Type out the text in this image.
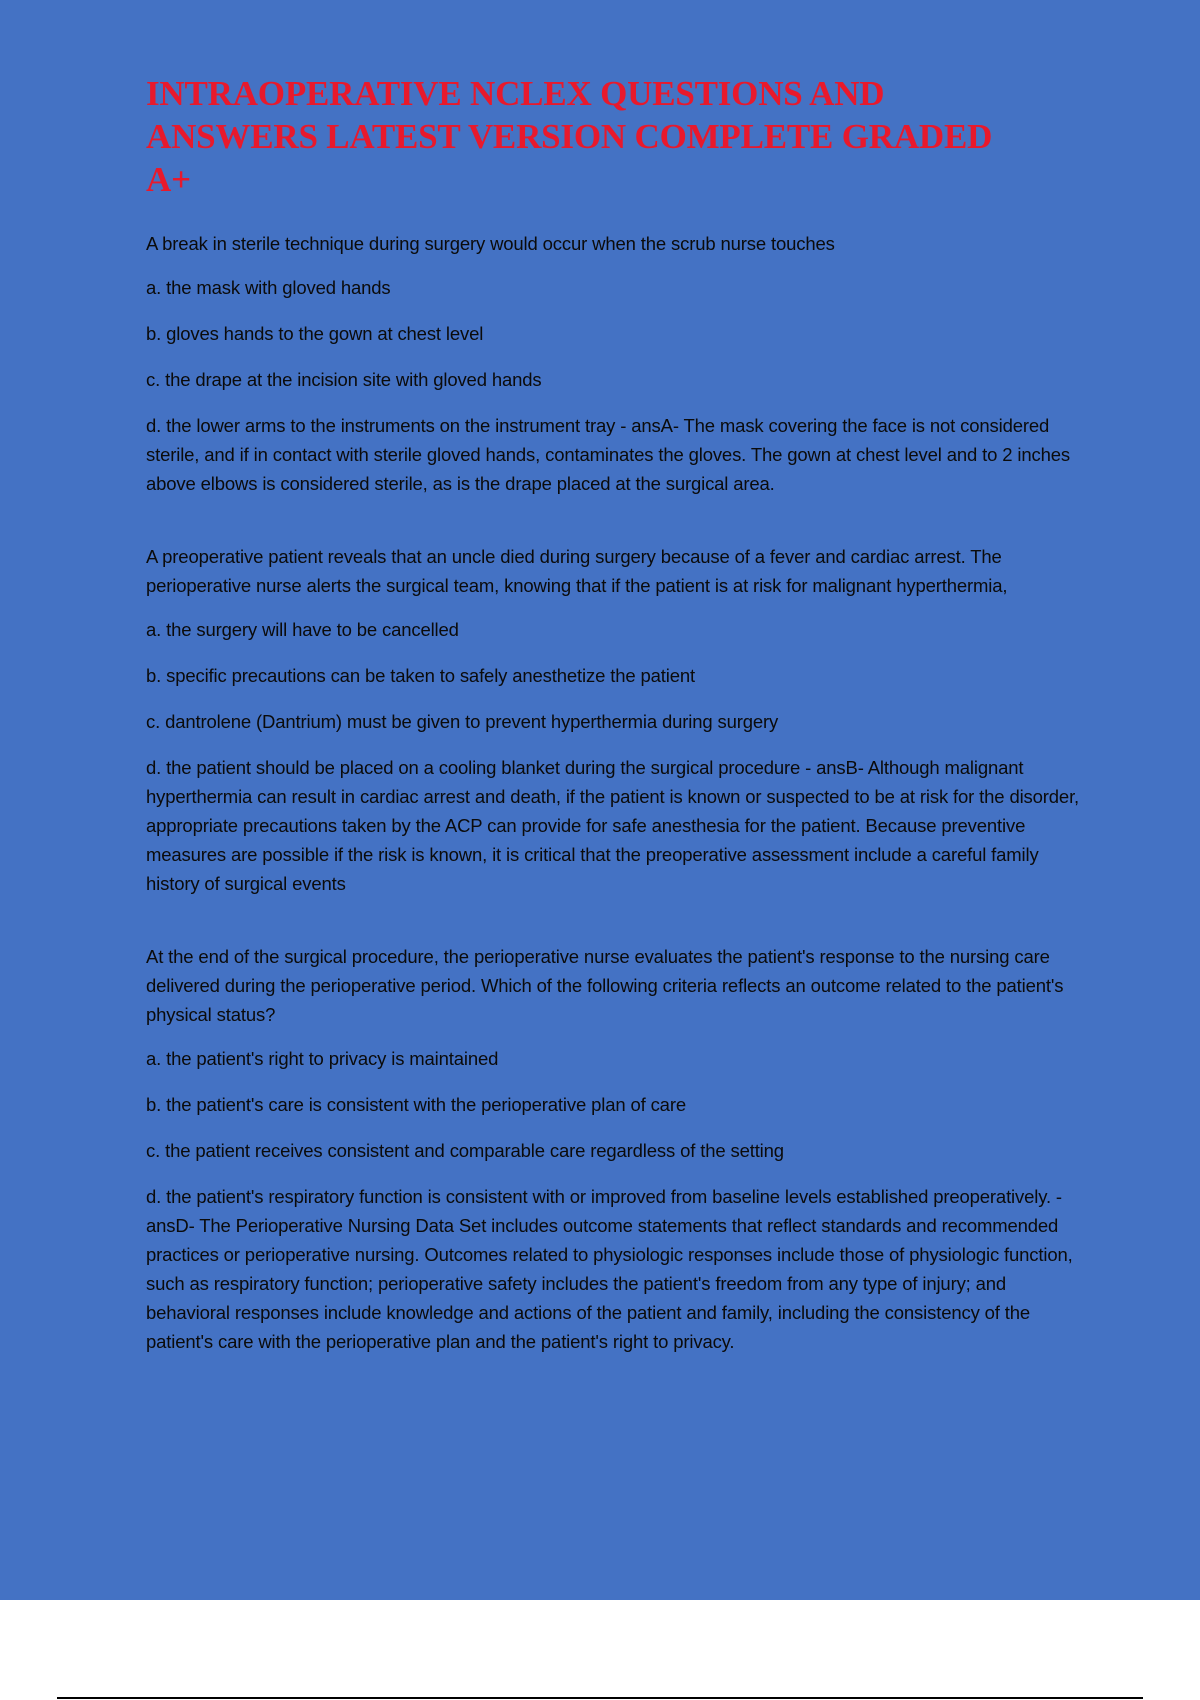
INTRAOPERATIVE NCLEX QUESTIONS AND
ANSWERS LATEST VERSION COMPLETE GRADED
A+

A break in sterile technique during surgery would occur when the scrub nurse touches

a. the mask with gloved hands

b. gloves hands to the gown at chest level

c. the drape at the incision site with gloved hands

d. the lower arms to the instruments on the instrument tray - ansA- The mask covering the face is not considered sterile, and if in contact with sterile gloved hands, contaminates the gloves. The gown at chest level and to 2 inches above elbows is considered sterile, as is the drape placed at the surgical area.

A preoperative patient reveals that an uncle died during surgery because of a fever and cardiac arrest. The perioperative nurse alerts the surgical team, knowing that if the patient is at risk for malignant hyperthermia,

a. the surgery will have to be cancelled

b. specific precautions can be taken to safely anesthetize the patient

c. dantrolene (Dantrium) must be given to prevent hyperthermia during surgery

d. the patient should be placed on a cooling blanket during the surgical procedure - ansB- Although malignant hyperthermia can result in cardiac arrest and death, if the patient is known or suspected to be at risk for the disorder, appropriate precautions taken by the ACP can provide for safe anesthesia for the patient. Because preventive measures are possible if the risk is known, it is critical that the preoperative assessment include a careful family history of surgical events

At the end of the surgical procedure, the perioperative nurse evaluates the patient's response to the nursing care delivered during the perioperative period. Which of the following criteria reflects an outcome related to the patient's physical status?

a. the patient's right to privacy is maintained

b. the patient's care is consistent with the perioperative plan of care

c. the patient receives consistent and comparable care regardless of the setting

d. the patient's respiratory function is consistent with or improved from baseline levels established preoperatively. - ansD- The Perioperative Nursing Data Set includes outcome statements that reflect standards and recommended practices or perioperative nursing. Outcomes related to physiologic responses include those of physiologic function, such as respiratory function; perioperative safety includes the patient's freedom from any type of injury; and behavioral responses include knowledge and actions of the patient and family, including the consistency of the patient's care with the perioperative plan and the patient's right to privacy.
